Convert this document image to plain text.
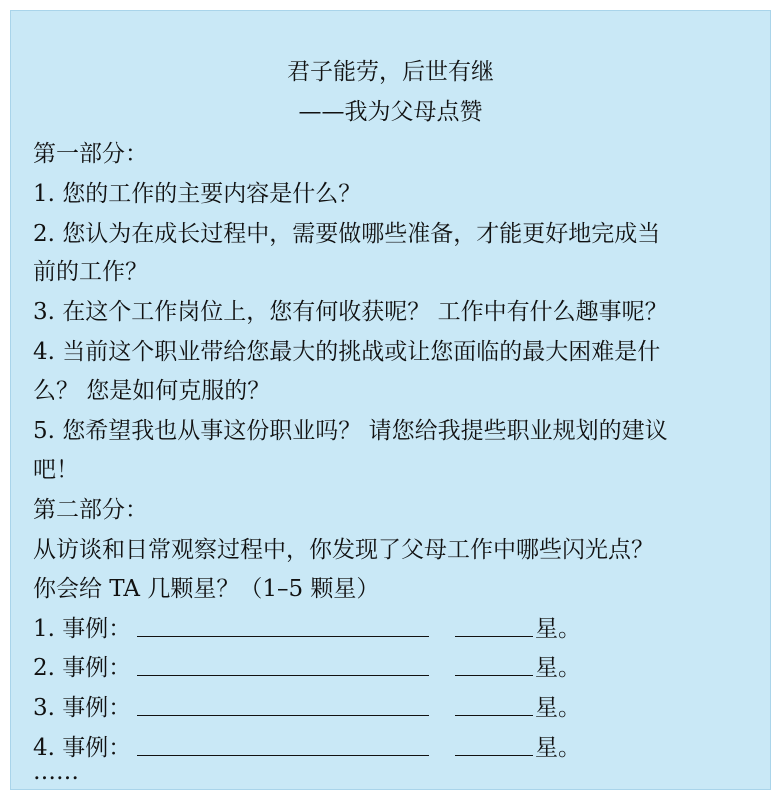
君子能劳，后世有继
——我为父母点赞
第一部分：
1. 您的工作的主要内容是什么？
2. 您认为在成长过程中，需要做哪些准备，才能更好地完成当
前的工作？
3. 在这个工作岗位上，您有何收获呢？ 工作中有什么趣事呢？
4. 当前这个职业带给您最大的挑战或让您面临的最大困难是什
么？ 您是如何克服的？
5. 您希望我也从事这份职业吗？ 请您给我提些职业规划的建议
吧！
第二部分：
从访谈和日常观察过程中，你发现了父母工作中哪些闪光点？
你会给 TA 几颗星？（1–5 颗星）
1. 事例：	星。
2. 事例：	星。
3. 事例：	星。
4. 事例：	星。
……
